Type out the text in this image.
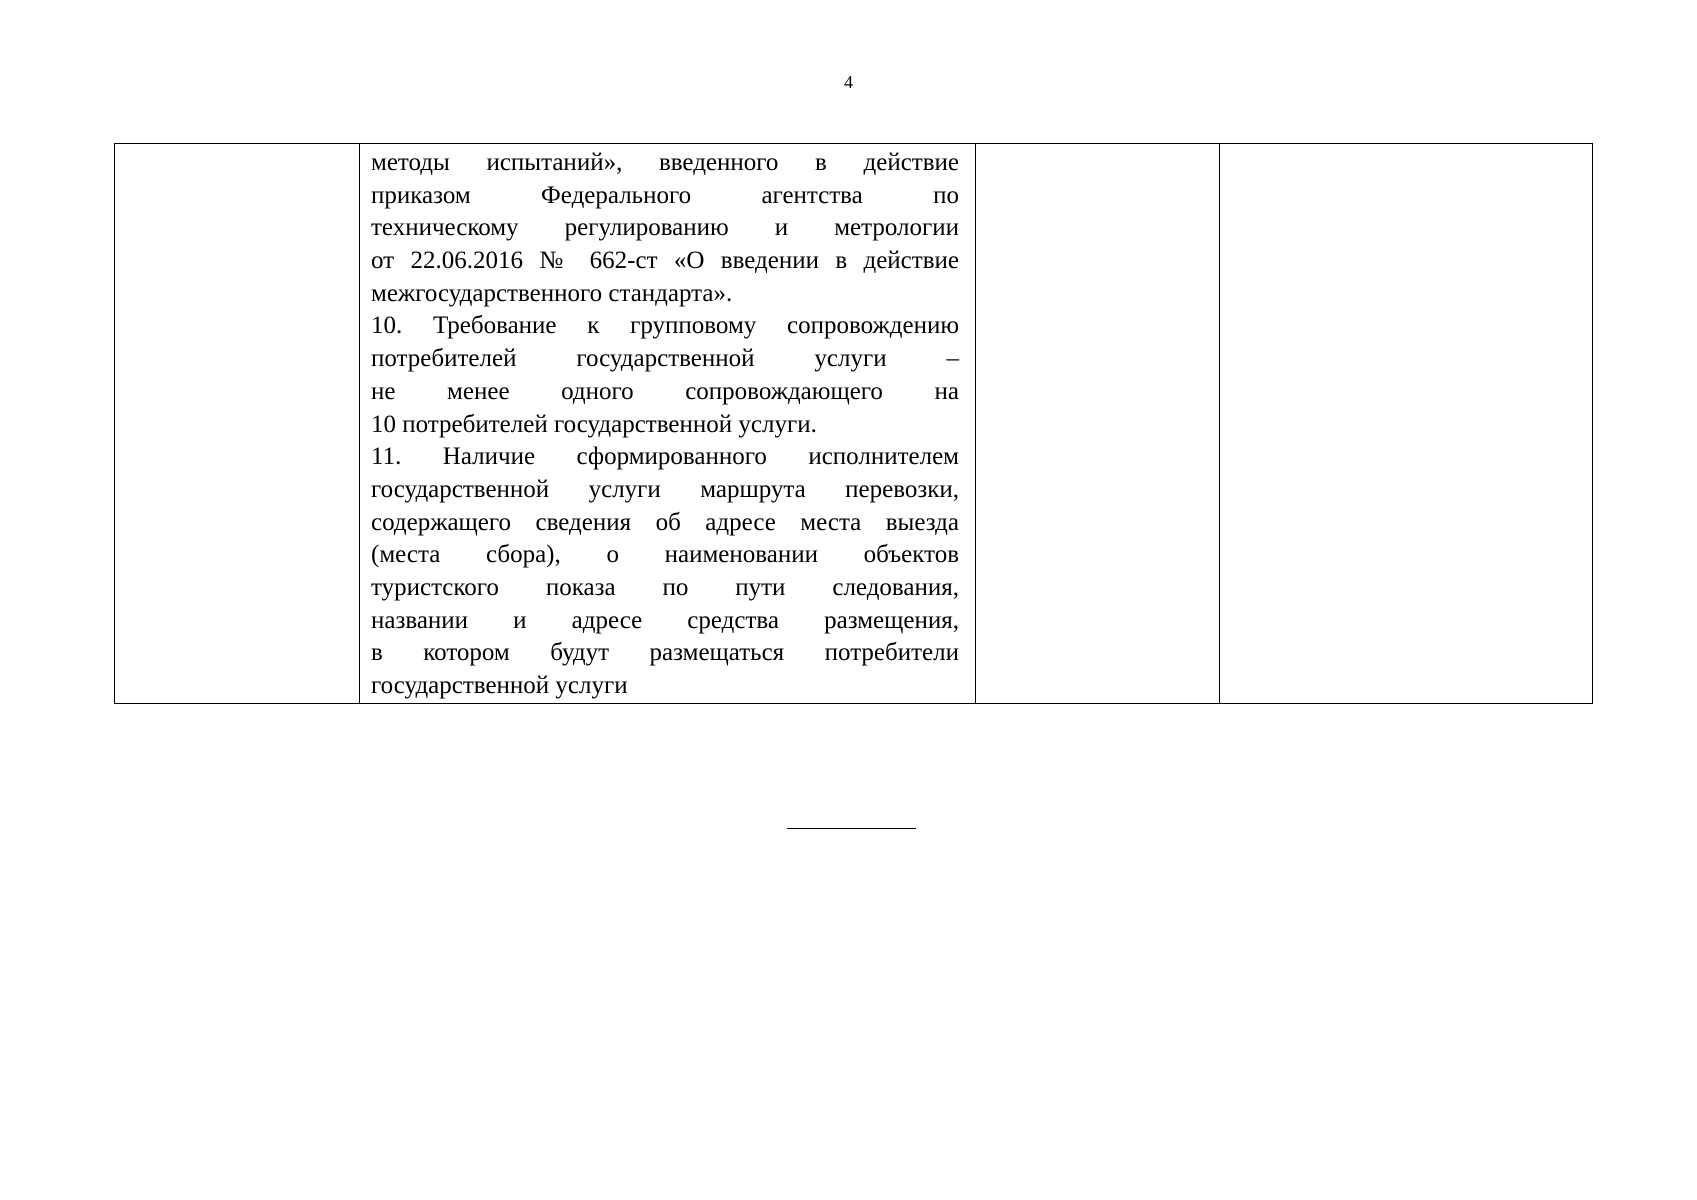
4

методы испытаний», введенного в действие
приказом Федерального агентства по
техническому регулированию и метрологии
от 22.06.2016 № 662-ст «О введении в действие
межгосударственного стандарта».
10. Требование к групповому сопровождению
потребителей государственной услуги –
не менее одного сопровождающего на
10 потребителей государственной услуги.
11. Наличие сформированного исполнителем
государственной услуги маршрута перевозки,
содержащего сведения об адресе места выезда
(места сбора), о наименовании объектов
туристского показа по пути следования,
названии и адресе средства размещения,
в котором будут размещаться потребители
государственной услуги
